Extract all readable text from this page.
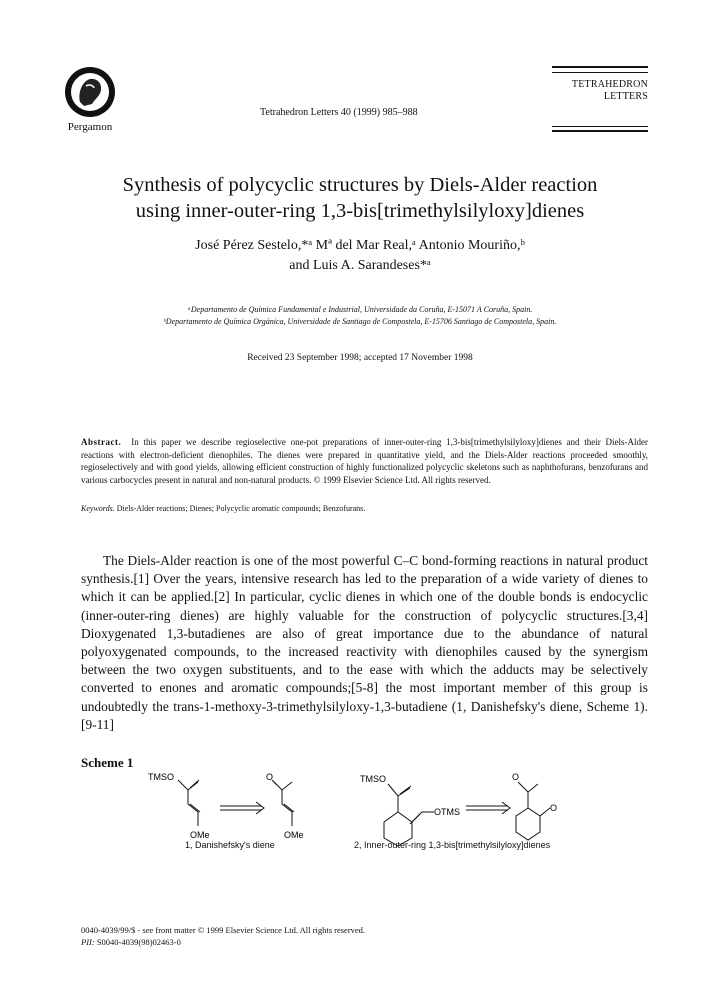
Pergamon
Tetrahedron Letters 40 (1999) 985–988
TETRAHEDRON
LETTERS
Synthesis of polycyclic structures by Diels-Alder reaction
using inner-outer-ring 1,3-bis[trimethylsilyloxy]dienes
José Pérez Sestelo,*ᵃ Mª del Mar Real,ᵃ Antonio Mouriño,ᵇ
and Luis A. Sarandeses*ᵃ
ᵃDepartamento de Química Fundamental e Industrial, Universidade da Coruña, E-15071 A Coruña, Spain.
ᵇDepartamento de Química Orgánica, Universidade de Santiago de Compostela, E-15706 Santiago de Compostela, Spain.
Received 23 September 1998; accepted 17 November 1998
Abstract. In this paper we describe regioselective one-pot preparations of inner-outer-ring 1,3-bis[trimethylsilyloxy]dienes and their Diels-Alder reactions with electron-deficient dienophiles. The dienes were prepared in quantitative yield, and the Diels-Alder reactions proceeded smoothly, regioselectively and with good yields, allowing efficient construction of highly functionalized polycyclic skeletons such as naphthofurans, benzofurans and various carbocycles present in natural and non-natural products. © 1999 Elsevier Science Ltd. All rights reserved.
Keywords. Diels-Alder reactions; Dienes; Polycyclic aromatic compounds; Benzofurans.
The Diels-Alder reaction is one of the most powerful C–C bond-forming reactions in natural product synthesis.[1] Over the years, intensive research has led to the preparation of a wide variety of dienes to which it can be applied.[2] In particular, cyclic dienes in which one of the double bonds is endocyclic (inner-outer-ring dienes) are highly valuable for the construction of polycyclic structures.[3,4] Dioxygenated 1,3-butadienes are also of great importance due to the abundance of natural polyoxygenated compounds, to the increased reactivity with dienophiles caused by the synergism between the two oxygen substituents, and to the ease with which the adducts may be selectively converted to enones and aromatic compounds;[5-8] the most important member of this group is undoubtedly the trans-1-methoxy-3-trimethylsilyloxy-1,3-butadiene (1, Danishefsky's diene, Scheme 1).[9-11]
Scheme 1
TMSO
OMe
O
OMe
TMSO
OTMS
O
O
1, Danishefsky's diene	2, Inner-outer-ring 1,3-bis[trimethylsilyloxy]dienes
0040-4039/99/$ - see front matter © 1999 Elsevier Science Ltd. All rights reserved.
PII: S0040-4039(98)02463-0
